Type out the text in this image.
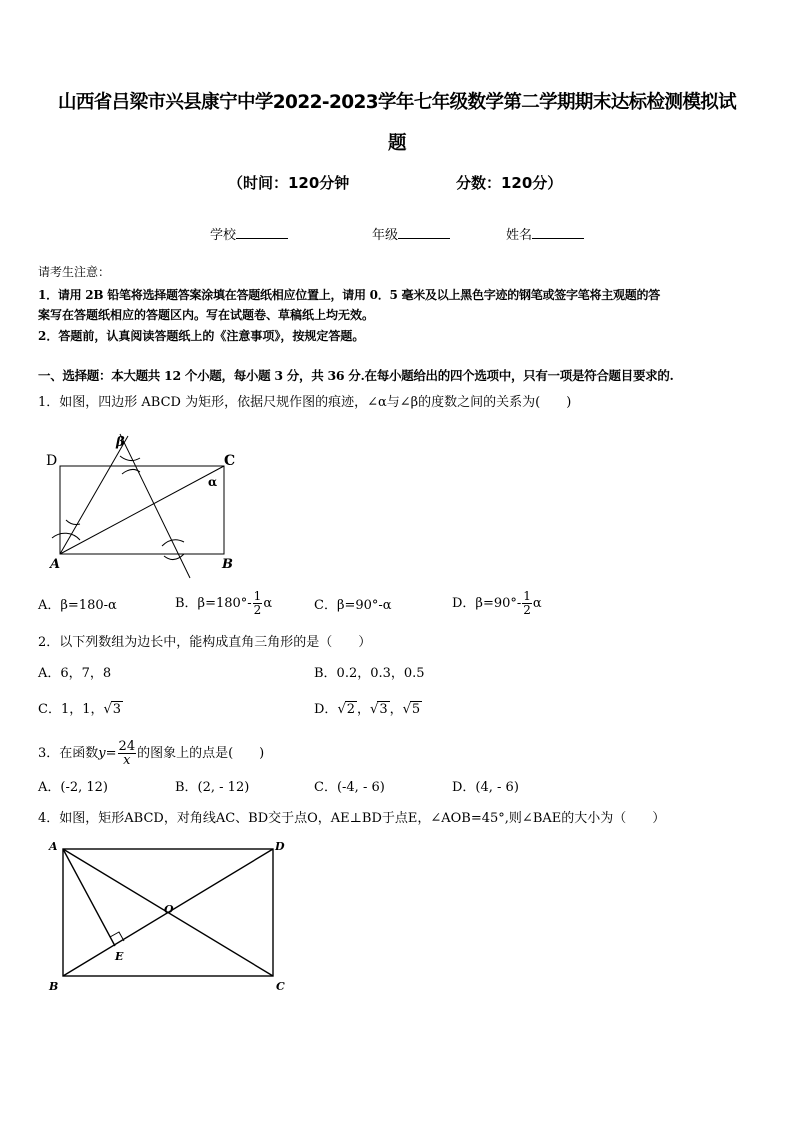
山西省吕梁市兴县康宁中学2022-2023学年七年级数学第二学期期末达标检测模拟试
题
（时间：120分钟	分数：120分）
学校	年级	姓名
请考生注意：
1．请用 2B 铅笔将选择题答案涂填在答题纸相应位置上，请用 0．5 毫米及以上黑色字迹的钢笔或签字笔将主观题的答
案写在答题纸相应的答题区内。写在试题卷、草稿纸上均无效。
2．答题前，认真阅读答题纸上的《注意事项》，按规定答题。
一、选择题：本大题共 12 个小题，每小题 3 分，共 36 分.在每小题给出的四个选项中，只有一项是符合题目要求的.
1．如图，四边形 ABCD 为矩形，依据尺规作图的痕迹，∠α与∠β的度数之间的关系为(　　)
D	C
A	B
α
β
A．β=180-α	B．$\beta=180^\circ- \frac{1}{2}$ α	C．β=90°-α	D．$\beta=90^\circ- \frac{1}{2}$ α
2．以下列数组为边长中，能构成直角三角形的是（　　）
A．6，7，8	B．0.2，0.3，0.5
C．1，1，√3	D．√2 ，√3 ，√5
3．在函数$y= \frac{24}{x}$ 的图象上的点是(　　)
A．(-2, 12)	B．(2, - 12)	C．(-4, - 6)	D．(4, - 6)
4．如图，矩形ABCD，对角线AC、BD交于点O，AE⊥BD于点E，∠AOB=45°,则∠BAE的大小为（　　）
A	D
C
B
O
E
